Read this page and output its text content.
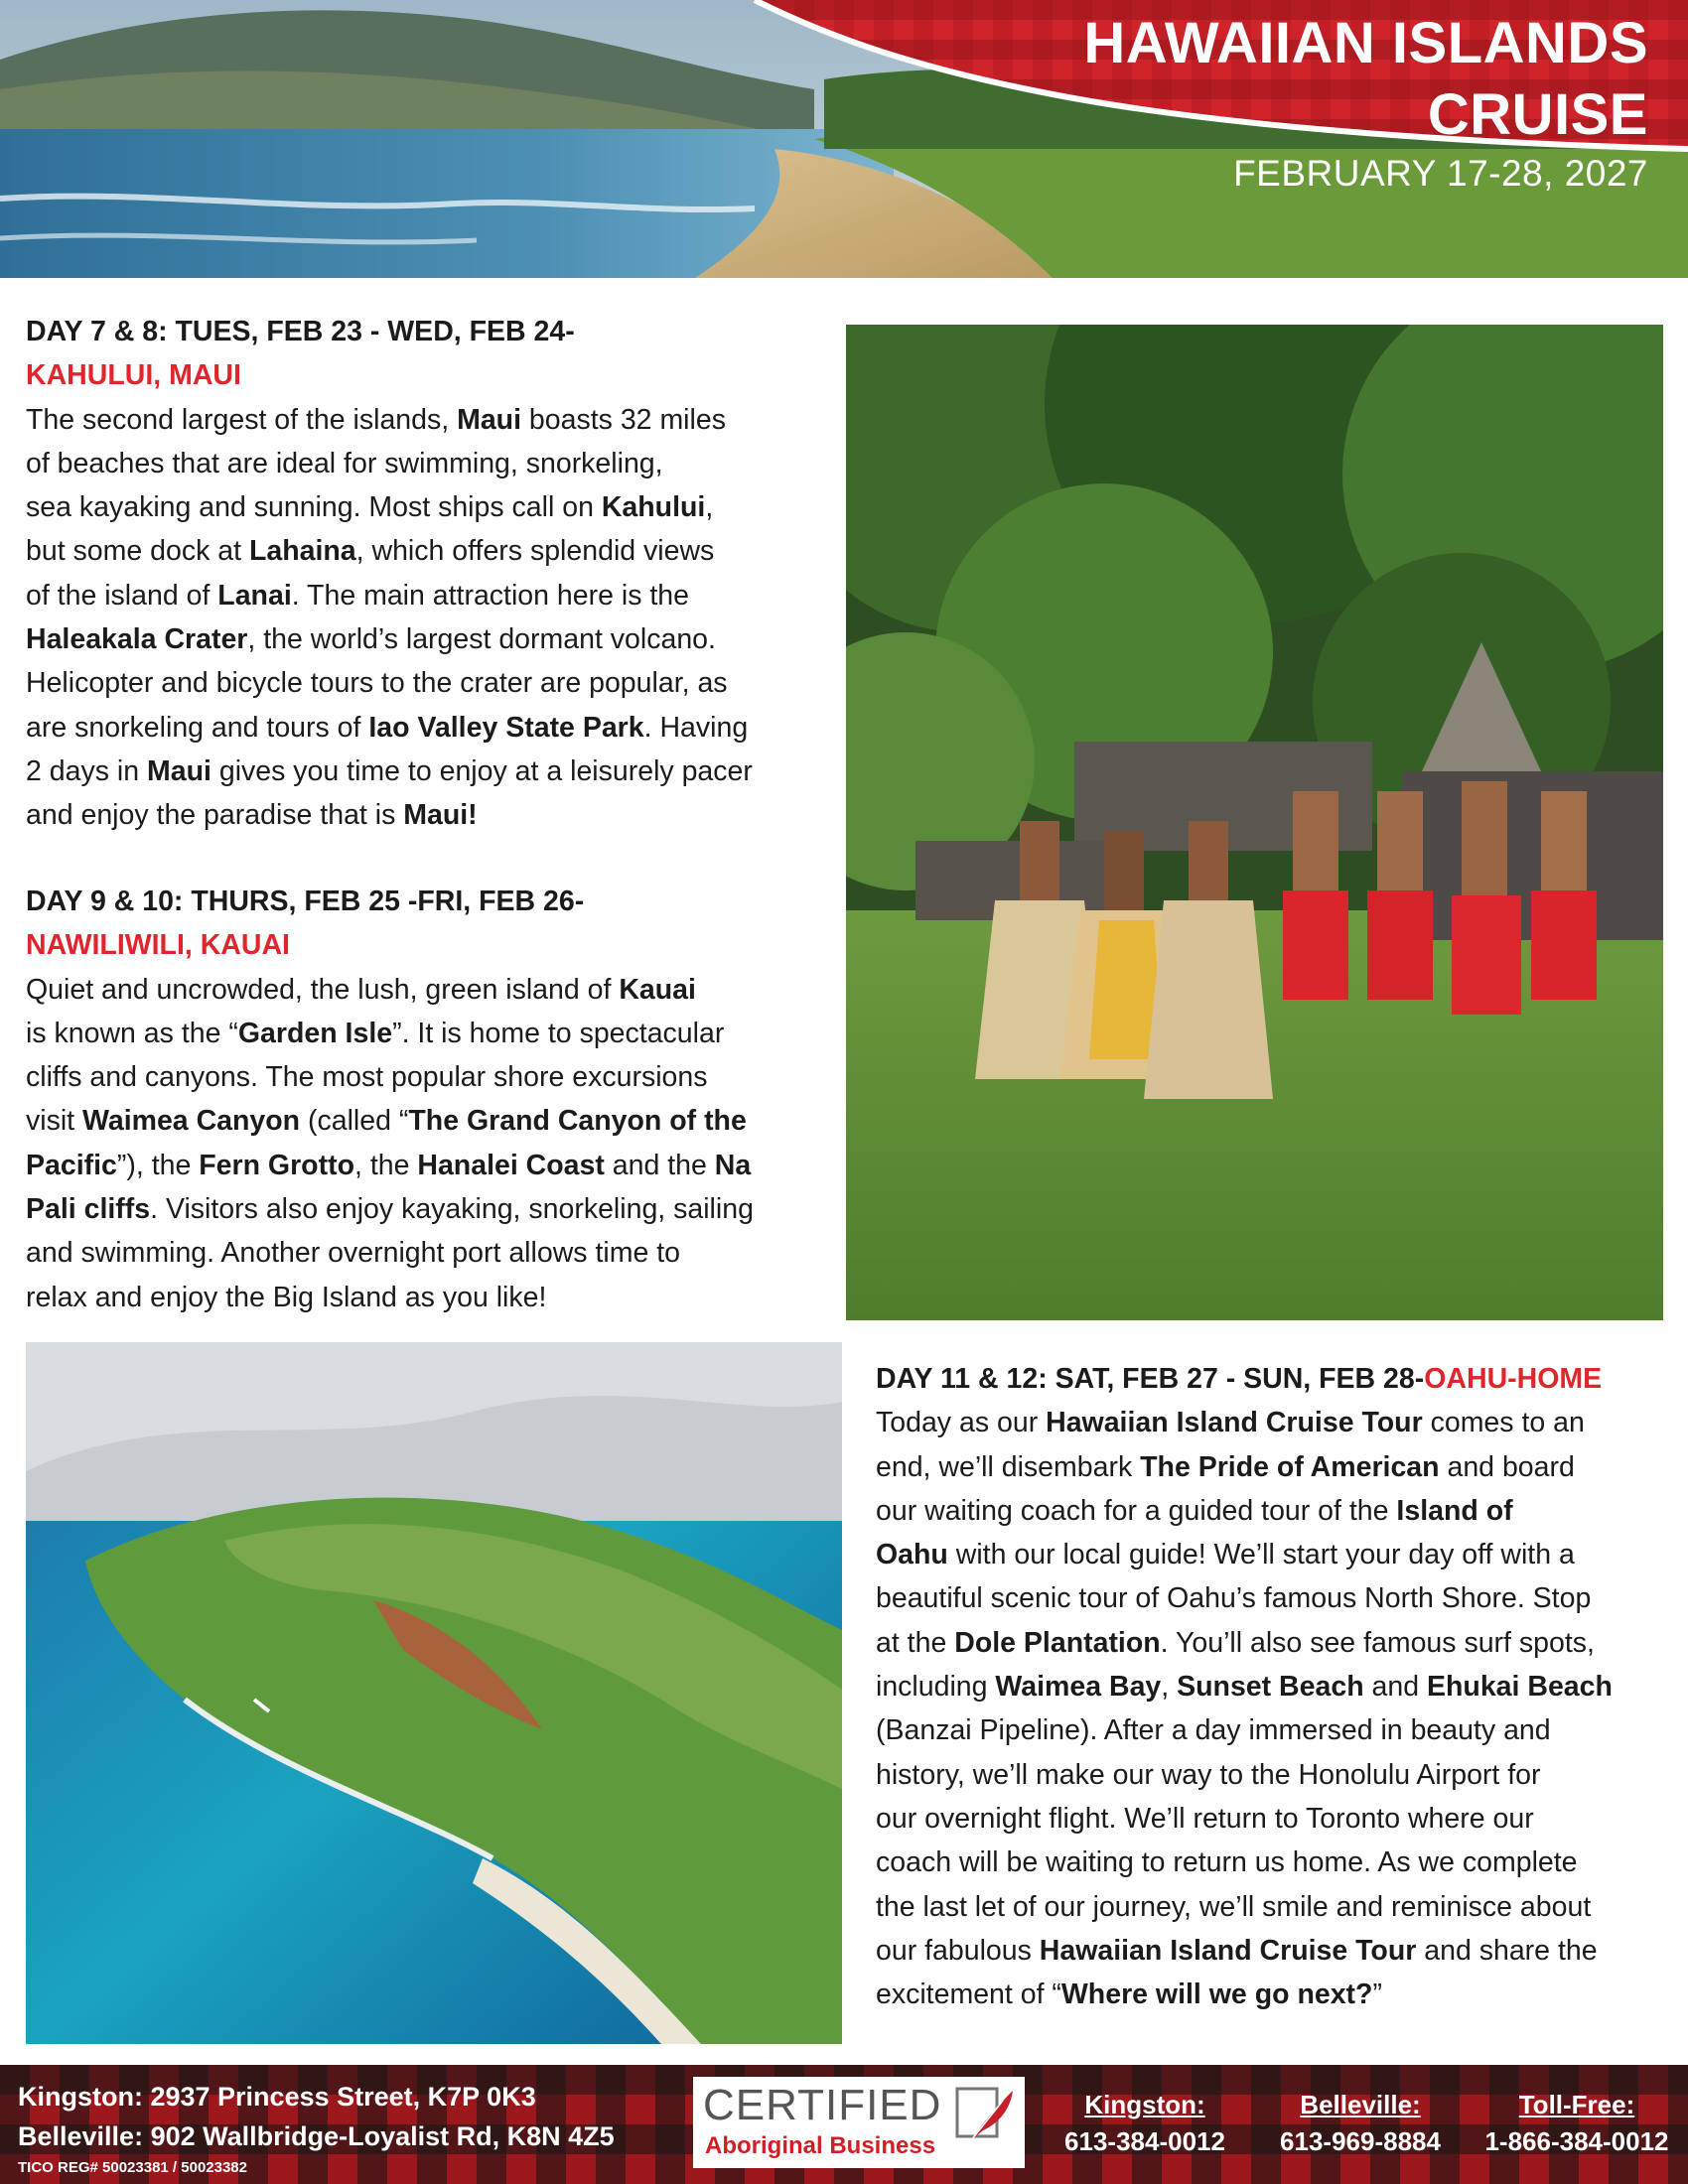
HAWAIIAN ISLANDS CRUISE
FEBRUARY 17-28, 2027
DAY 7 & 8: TUES, FEB 23 - WED, FEB 24-
KAHULUI, MAUI

The second largest of the islands, Maui boasts 32 miles
of beaches that are ideal for swimming, snorkeling,
sea kayaking and sunning. Most ships call on Kahului,
but some dock at Lahaina, which offers splendid views
of the island of Lanai. The main attraction here is the
Haleakala Crater, the world’s largest dormant volcano.
Helicopter and bicycle tours to the crater are popular, as
are snorkeling and tours of Iao Valley State Park. Having
2 days in Maui gives you time to enjoy at a leisurely pacer
and enjoy the paradise that is Maui!

DAY 9 & 10: THURS, FEB 25 -FRI, FEB 26-
NAWILIWILI, KAUAI

Quiet and uncrowded, the lush, green island of Kauai
is known as the “Garden Isle”. It is home to spectacular
cliffs and canyons. The most popular shore excursions
visit Waimea Canyon (called “The Grand Canyon of the
Pacific”), the Fern Grotto, the Hanalei Coast and the Na
Pali cliffs. Visitors also enjoy kayaking, snorkeling, sailing
and swimming. Another overnight port allows time to
relax and enjoy the Big Island as you like!

DAY 11 & 12: SAT, FEB 27 - SUN, FEB 28-OAHU-HOME

Today as our Hawaiian Island Cruise Tour comes to an
end, we’ll disembark The Pride of American and board
our waiting coach for a guided tour of the Island of
Oahu with our local guide! We’ll start your day off with a
beautiful scenic tour of Oahu’s famous North Shore. Stop
at the Dole Plantation. You’ll also see famous surf spots,
including Waimea Bay, Sunset Beach and Ehukai Beach
(Banzai Pipeline). After a day immersed in beauty and
history, we’ll make our way to the Honolulu Airport for
our overnight flight. We’ll return to Toronto where our
coach will be waiting to return us home. As we complete
the last let of our journey, we’ll smile and reminisce about
our fabulous Hawaiian Island Cruise Tour and share the
excitement of “Where will we go next?”

Kingston: 2937 Princess Street, K7P 0K3
Belleville: 902 Wallbridge-Loyalist Rd, K8N 4Z5
TICO REG# 50023381 / 50023382
CERTIFIED
Aboriginal Business
Kingston:
613-384-0012
Belleville:
613-969-8884
Toll-Free:
1-866-384-0012
